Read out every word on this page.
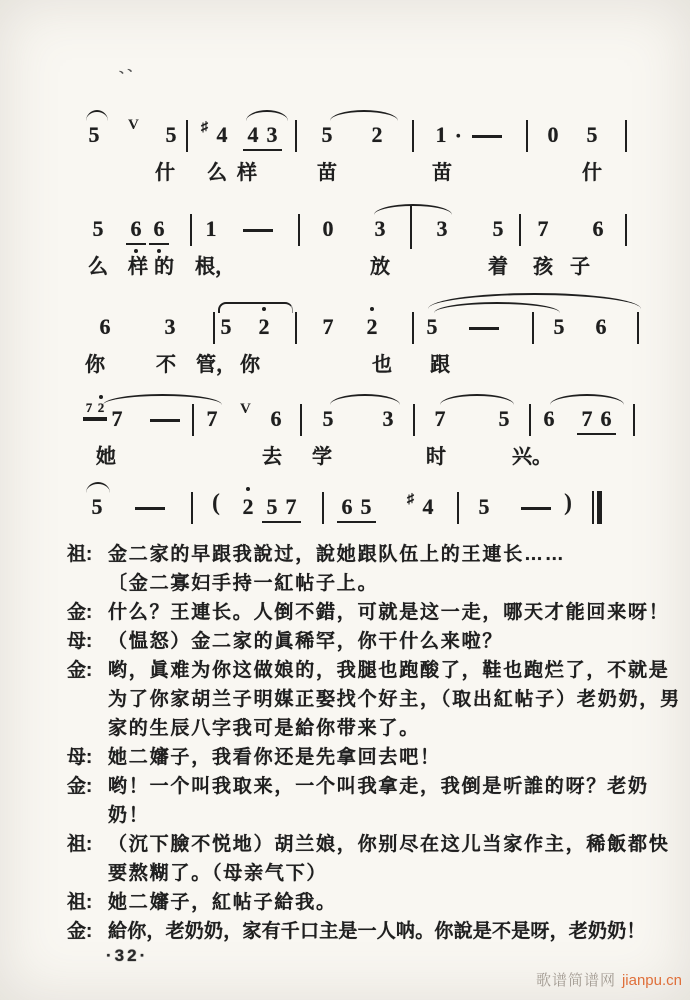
、、
5	V 5 4
♯ 4 3 5 2 1 ·	0 5
什 么 样	苗	苗	什
5 6 6 1	0 3 3 5 7 6
么 样 的 根，	放	着 孩 子
6 3 5 2 7 2 5	5 6
你	不 管， 你	也 跟
7 2 7	7	V 6 5 3 7 5 6 7 6
她	去 学	时	兴。
5	( 2 5 7 6 5 4
♯	5	)
祖: 金二家的早跟我說过，說她跟队伍上的王連长……
〔金二寡妇手持一紅帖子上。
金: 什么？王連长。人倒不錯，可就是这一走，哪天才能回来呀！
母: （愠怒）金二家的眞稀罕，你干什么来啦？
金: 哟，眞难为你这做娘的，我腿也跑酸了，鞋也跑烂了，不就是为了你家胡兰子明媒正娶找个好主，（取出紅帖子）老奶奶，男家的生辰八字我可是給你带来了。
母: 她二嬸子，我看你还是先拿回去吧！
金: 哟！一个叫我取来，一个叫我拿走，我倒是听誰的呀？老奶奶！
祖: （沉下臉不悦地）胡兰娘，你别尽在这儿当家作主，稀飯都快要熬糊了。（母亲气下）
祖: 她二嬸子，紅帖子給我。
金: 給你，老奶奶，家有千口主是一人呐。你說是不是呀，老奶奶！
·32·
歌谱简谱网 jianpu.cn
